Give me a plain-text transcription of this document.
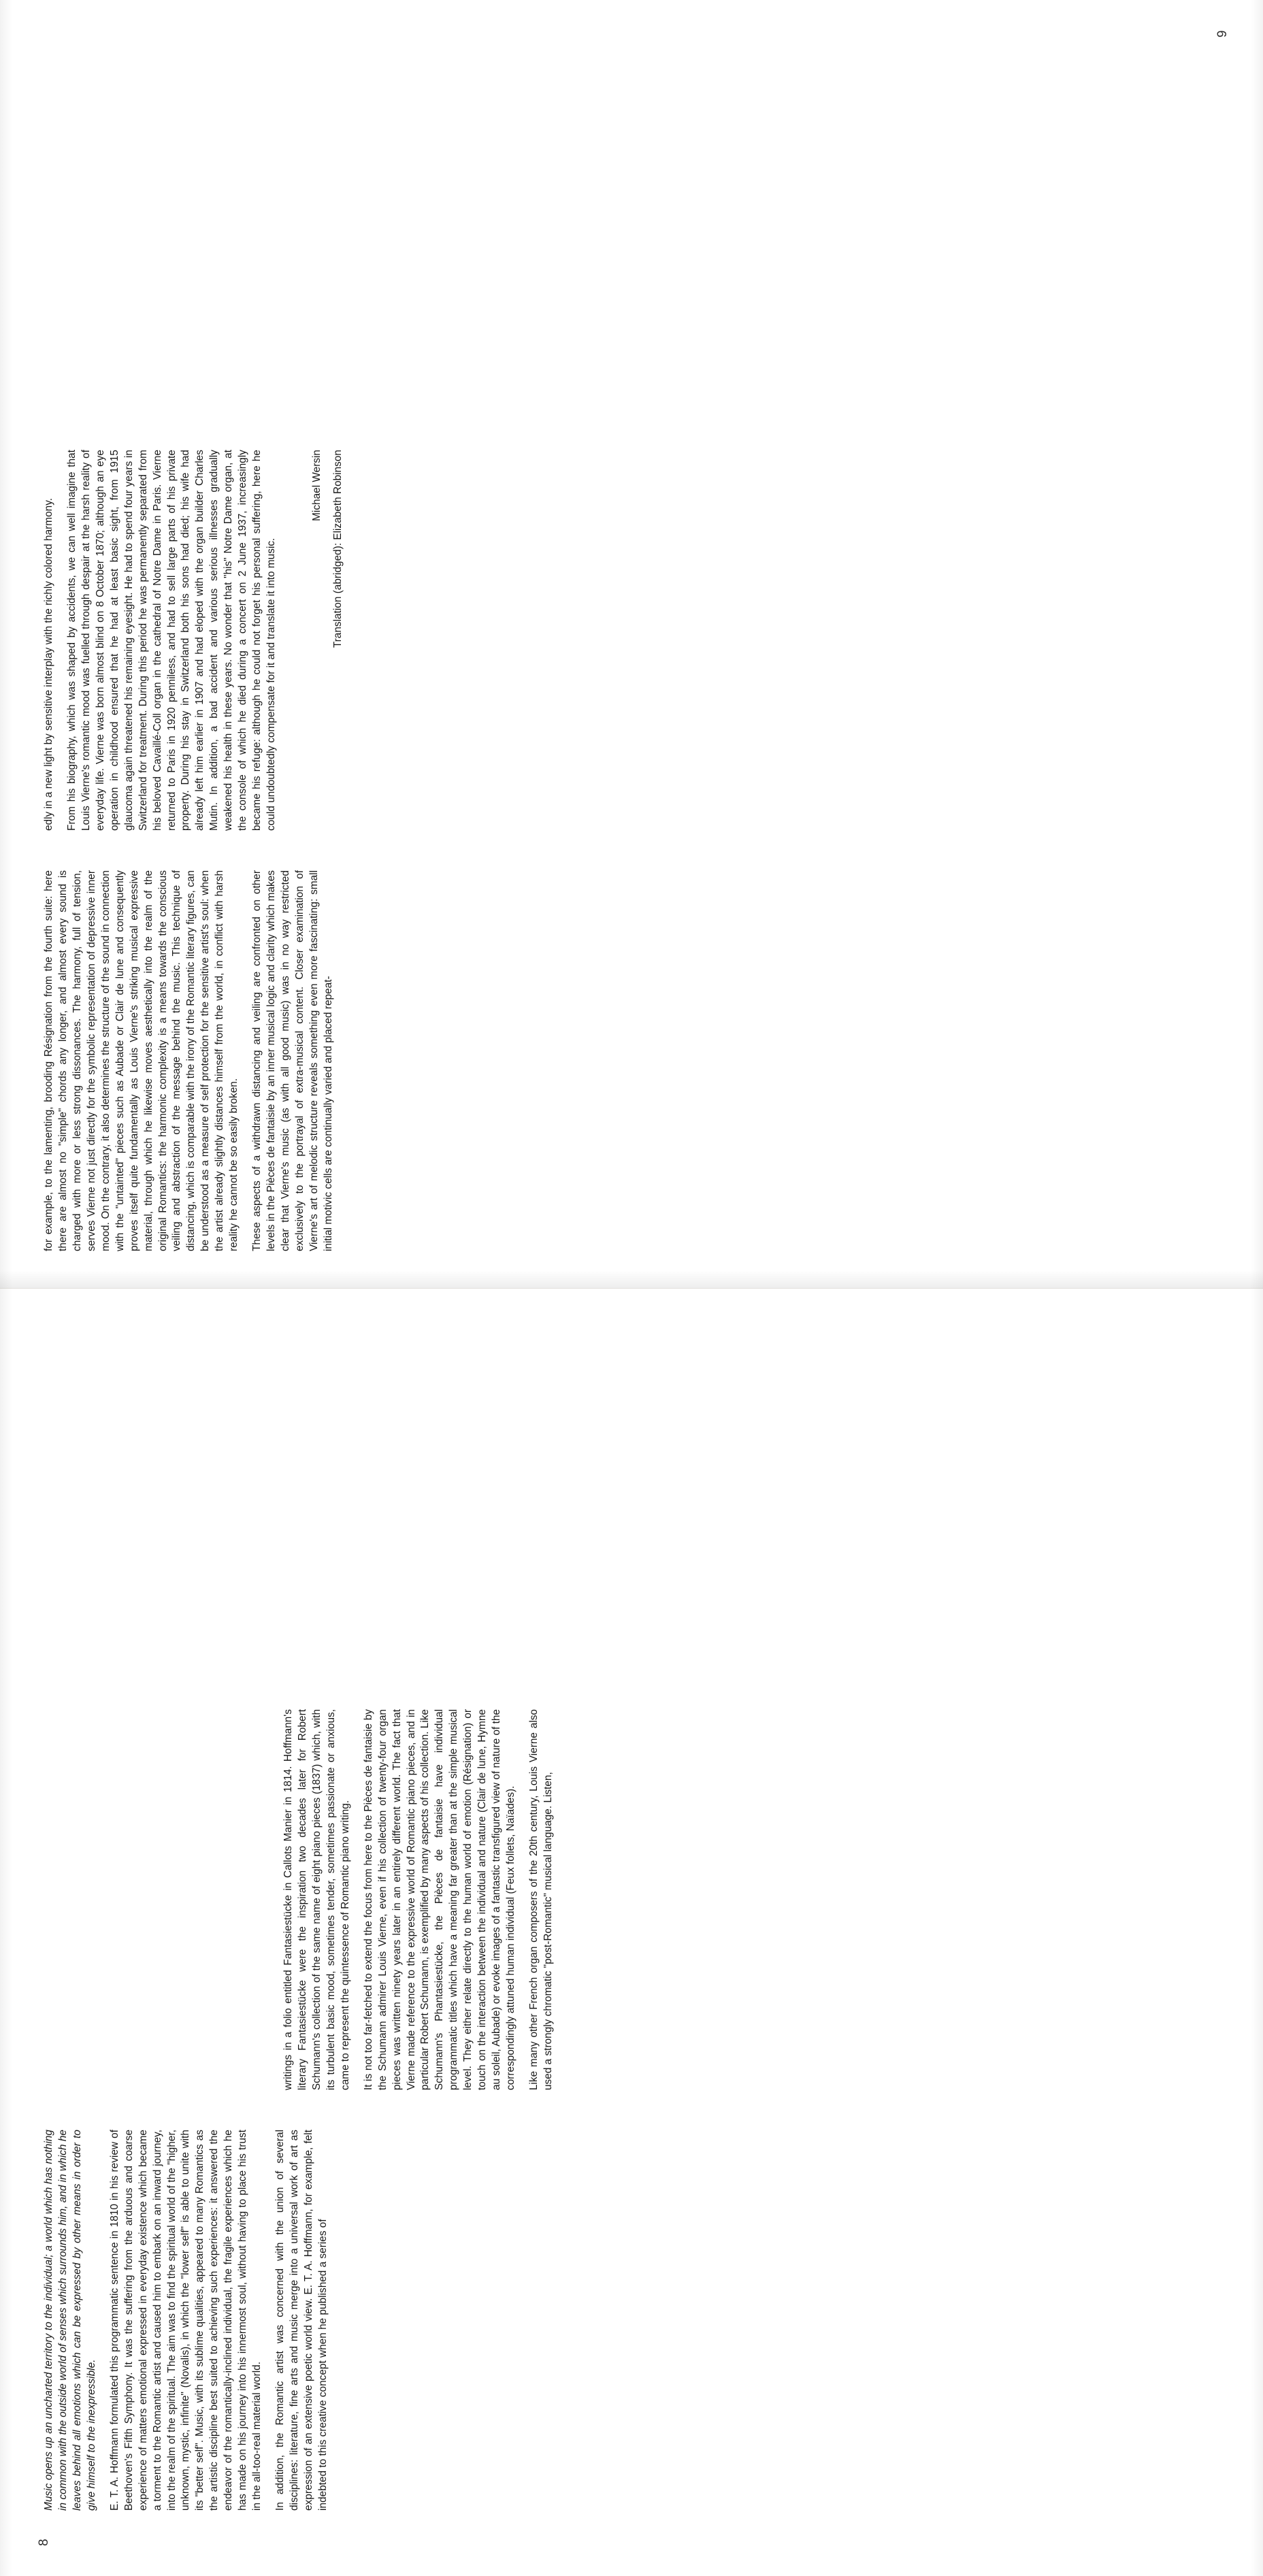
8

Music opens up an uncharted territory to the individual; a world which has nothing in common with the outside world of senses which surrounds him, and in which he leaves behind all emotions which can be expressed by other means in order to give himself to the inexpressible. E. T. A. Hoffmann formulated this programmatic sentence in 1810 in his review of Beethoven's Fifth Symphony. It was the suffering from the arduous and coarse experience of matters emotional expressed in everyday existence which became a torment to the Romantic artist and caused him to embark on an inward journey, into the realm of the spiritual. The aim was to find the spiritual world of the "higher, unknown, mystic, infinite" (Novalis), in which the "lower self" is able to unite with its "better self". Music, with its sublime qualities, appeared to many Romantics as the artistic discipline best suited to achieving such experiences: it answered the endeavor of the romantically-inclined individual, the fragile experiences which he has made on his journey into his innermost soul, without having to place his trust in the all-too-real material world. In addition, the Romantic artist was concerned with the union of several disciplines: literature, fine arts and music merge into a universal work of art as expression of an extensive poetic world view. E. T. A. Hoffmann, for example, felt indebted to this creative concept when he published a series of

writings in a folio entitled Fantasiestücke in Callots Manier in 1814. Hoffmann's literary Fantasiestücke were the inspiration two decades later for Robert Schumann's collection of the same name of eight piano pieces (1837) which, with its turbulent basic mood, sometimes tender, sometimes passionate or anxious, came to represent the quintessence of Romantic piano writing. It is not too far-fetched to extend the focus from here to the Pièces de fantaisie by the Schumann admirer Louis Vierne, even if his collection of twenty-four organ pieces was written ninety years later in an entirely different world. The fact that Vierne made reference to the expressive world of Romantic piano pieces, and in particular Robert Schumann, is exemplified by many aspects of his collection. Like Schumann's Phantasiestücke, the Pièces de fantaisie have individual programmatic titles which have a meaning far greater than at the simple musical level. They either relate directly to the human world of emotion (Résignation) or touch on the interaction between the individual and nature (Clair de lune, Hymne au soleil, Aubade) or evoke images of a fantastic transfigured view of nature of the correspondingly attuned human individual (Feux follets, Naïades). Like many other French organ composers of the 20th century, Louis Vierne also used a strongly chromatic "post-Romantic" musical language. Listen,

9

for example, to the lamenting, brooding Résignation from the fourth suite: here there are almost no "simple" chords any longer, and almost every sound is charged with more or less strong dissonances. The harmony, full of tension, serves Vierne not just directly for the symbolic representation of depressive inner mood. On the contrary, it also determines the structure of the sound in connection with the "untainted" pieces such as Aubade or Clair de lune and consequently proves itself quite fundamentally as Louis Vierne's striking musical expressive material, through which he likewise moves aesthetically into the realm of the original Romantics: the harmonic complexity is a means towards the conscious veiling and abstraction of the message behind the music. This technique of distancing, which is comparable with the irony of the Romantic literary figures, can be understood as a measure of self protection for the sensitive artist's soul: when the artist already slightly distances himself from the world, in conflict with harsh reality he cannot be so easily broken. These aspects of a withdrawn distancing and veiling are confronted on other levels in the Pièces de fantaisie by an inner musical logic and clarity which makes clear that Vierne's music (as with all good music) was in no way restricted exclusively to the portrayal of extra-musical content. Closer examination of Vierne's art of melodic structure reveals something even more fascinating: small initial motivic cells are continually varied and placed repeat-

edly in a new light by sensitive interplay with the richly colored harmony. From his biography, which was shaped by accidents, we can well imagine that Louis Vierne's romantic mood was fuelled through despair at the harsh reality of everyday life. Vierne was born almost blind on 8 October 1870; although an eye operation in childhood ensured that he had at least basic sight, from 1915 glaucoma again threatened his remaining eyesight. He had to spend four years in Switzerland for treatment. During this period he was permanently separated from his beloved Cavaillé-Coll organ in the cathedral of Notre Dame in Paris. Vierne returned to Paris in 1920 penniless, and had to sell large parts of his private property. During his stay in Switzerland both his sons had died; his wife had already left him earlier in 1907 and had eloped with the organ builder Charles Mutin. In addition, a bad accident and various serious illnesses gradually weakened his health in these years. No wonder that "his" Notre Dame organ, at the console of which he died during a concert on 2 June 1937, increasingly became his refuge: although he could not forget his personal suffering, here he could undoubtedly compensate for it and translate it into music.

Michael Wersin Translation (abridged): Elizabeth Robinson
